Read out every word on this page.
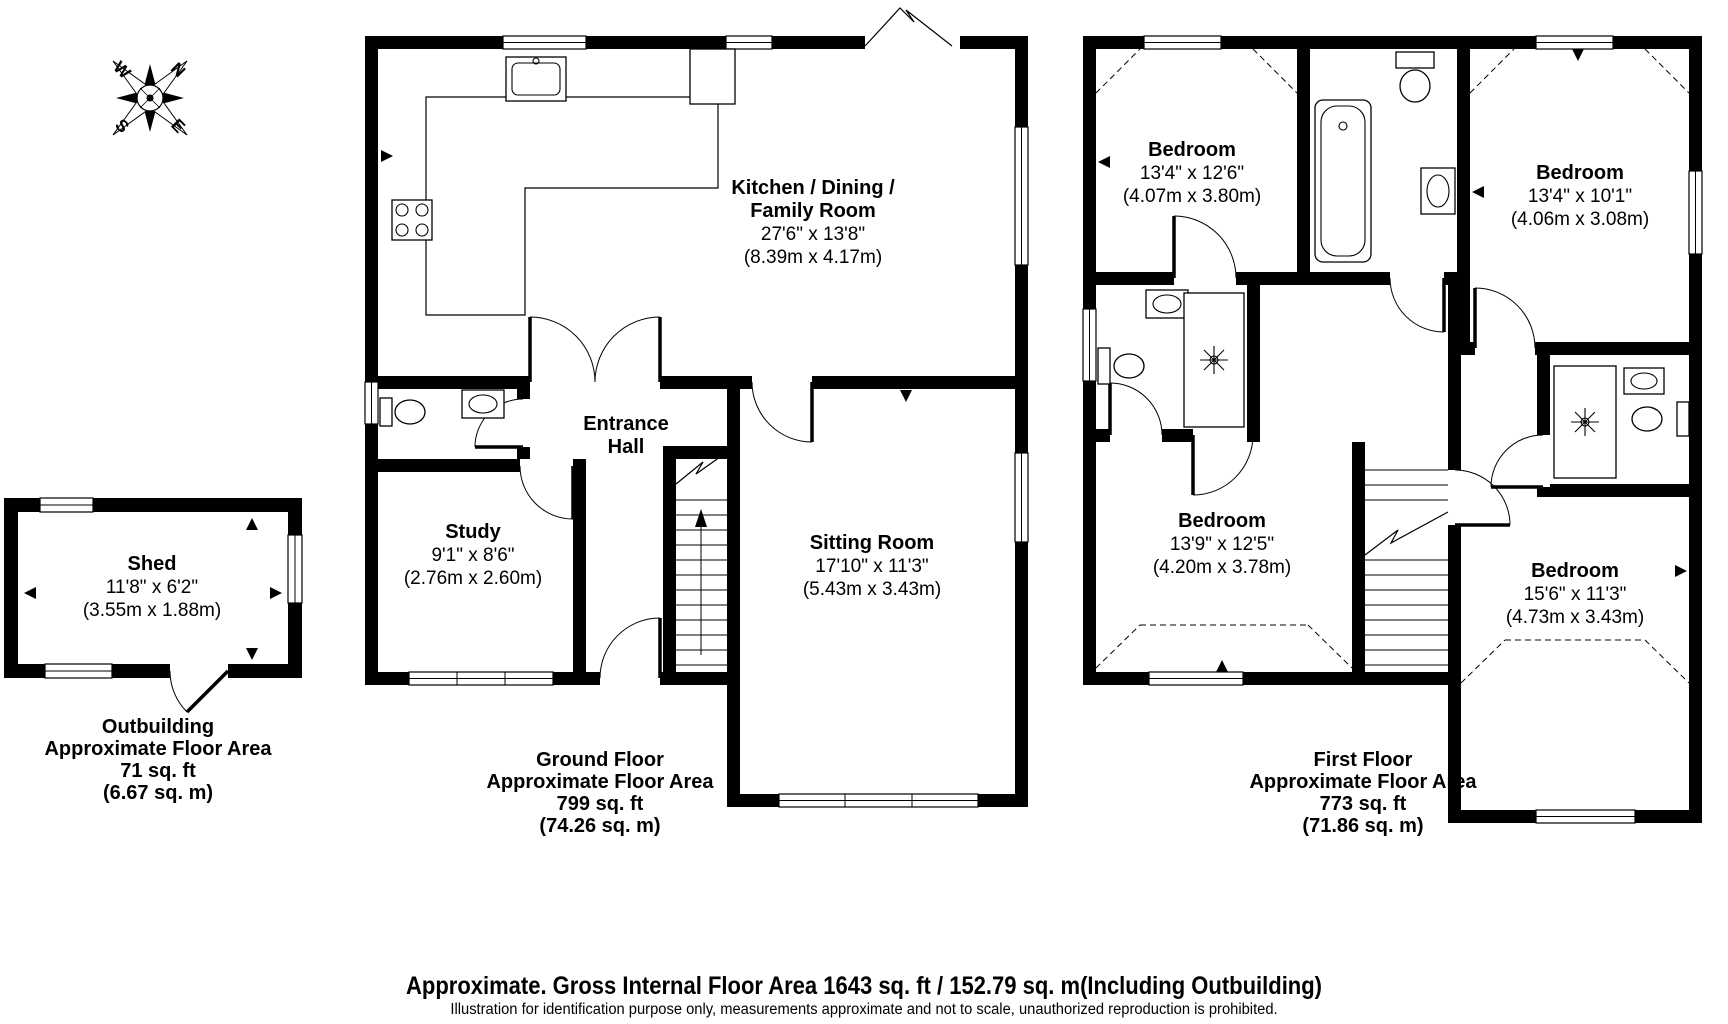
N
E
S
W
Kitchen / Dining /
Family Room
27'6" x 13'8"
(8.39m x 4.17m)
Entrance
Hall
Study
9'1" x 8'6"
(2.76m x 2.60m)
Sitting Room
17'10" x 11'3"
(5.43m x 3.43m)
Shed
11'8" x 6'2"
(3.55m x 1.88m)
Bedroom
13'4" x 12'6"
(4.07m x 3.80m)
Bedroom
13'4" x 10'1"
(4.06m x 3.08m)
Bedroom
13'9" x 12'5"
(4.20m x 3.78m)	Bedroom
15'6" x 11'3"
(4.73m x 3.43m)
Outbuilding
Approximate Floor Area
71 sq. ft
(6.67 sq. m)
Ground Floor
Approximate Floor Area
799 sq. ft
(74.26 sq. m)
First Floor
Approximate Floor Area
773 sq. ft
(71.86 sq. m)
Approximate. Gross Internal Floor Area 1643 sq. ft / 152.79 sq. m(Including Outbuilding)
Illustration for identification purpose only, measurements approximate and not to scale, unauthorized reproduction is prohibited.
